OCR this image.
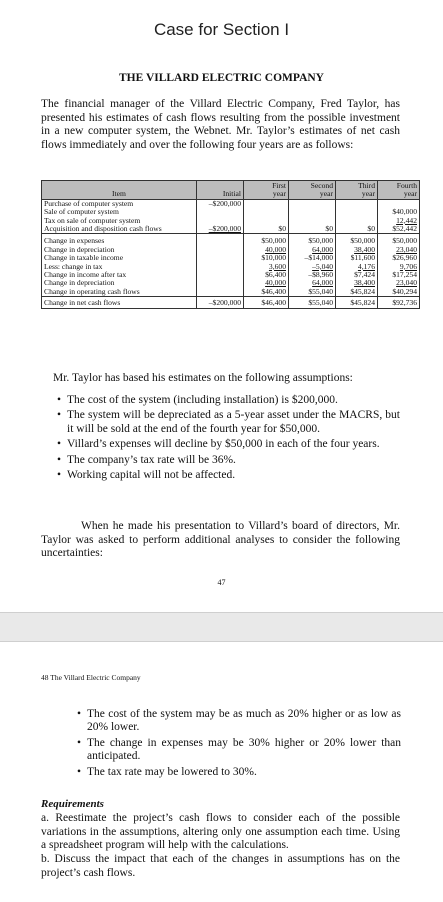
Case for Section I
THE VILLARD ELECTRIC COMPANY
The financial manager of the Villard Electric Company, Fred Taylor, has presented his estimates of cash flows resulting from the possible investment in a new computer system, the Webnet. Mr. Taylor’s estimates of net cash flows immediately and over the following four years are as follows:
		First	Second	Third	Fourth
Item	Initial	year	year	year	year
Purchase of computer system	–$200,000				
Sale of computer system					$40,000
Tax on sale of computer system					12,442
Acquisition and disposition cash flows	–$200,000	$0	$0	$0	$52,442
Change in expenses		$50,000	$50,000	$50,000	$50,000
Change in depreciation		40,000	64,000	38,400	23,040
Change in taxable income		$10,000	–$14,000	$11,600	$26,960
Less: change in tax		3,600	–5,040	4,176	9,706
Change in income after tax		$6,400	–$8,960	$7,424	$17,254
Change in depreciation		40,000	64,000	38,400	23,040
Change in operating cash flows		$46,400	$55,040	$45,824	$40,294
Change in net cash flows	–$200,000	$46,400	$55,040	$45,824	$92,736
Mr. Taylor has based his estimates on the following assumptions:
• The cost of the system (including installation) is $200,000.
• The system will be depreciated as a 5-year asset under the MACRS, but it will be sold at the end of the fourth year for $50,000.
• Villard’s expenses will decline by $50,000 in each of the four years.
• The company’s tax rate will be 36%.
• Working capital will not be affected.
When he made his presentation to Villard’s board of directors, Mr. Taylor was asked to perform additional analyses to consider the following uncertainties:
47
48 The Villard Electric Company
• The cost of the system may be as much as 20% higher or as low as 20% lower.
• The change in expenses may be 30% higher or 20% lower than anticipated.
• The tax rate may be lowered to 30%.
Requirements
a. Reestimate the project’s cash flows to consider each of the possible variations in the assumptions, altering only one assumption each time. Using a spreadsheet program will help with the calculations.
b. Discuss the impact that each of the changes in assumptions has on the project’s cash flows.
